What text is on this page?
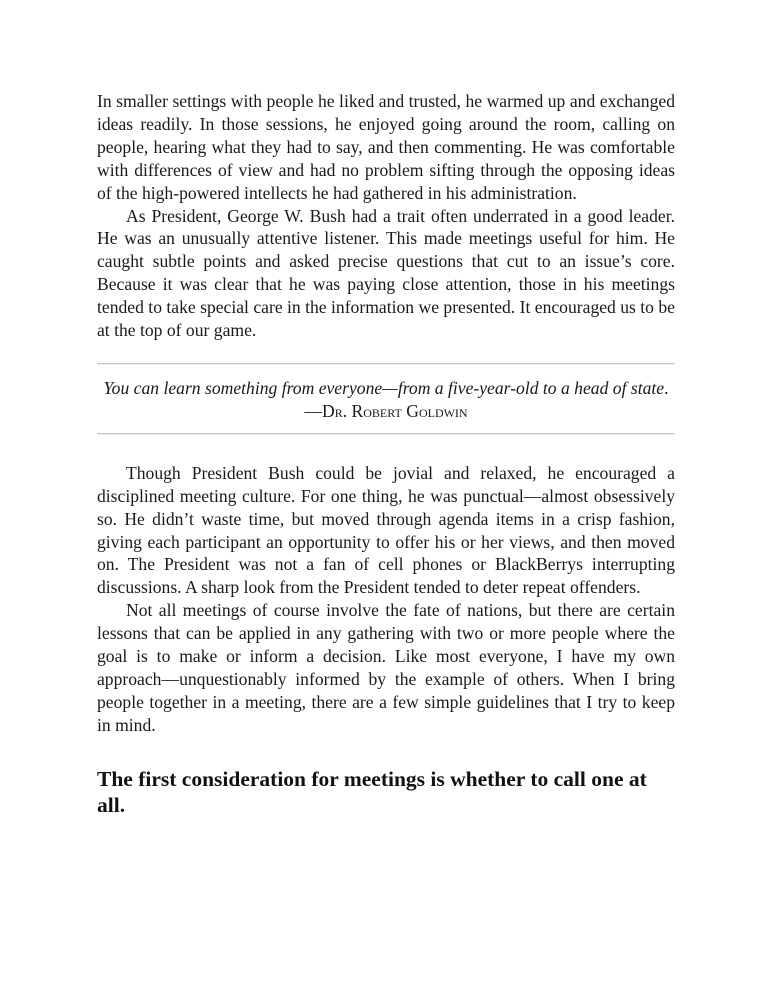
In smaller settings with people he liked and trusted, he warmed up and exchanged ideas readily. In those sessions, he enjoyed going around the room, calling on people, hearing what they had to say, and then commenting. He was comfortable with differences of view and had no problem sifting through the opposing ideas of the high-powered intellects he had gathered in his administration.

As President, George W. Bush had a trait often underrated in a good leader. He was an unusually attentive listener. This made meetings useful for him. He caught subtle points and asked precise questions that cut to an issue’s core. Because it was clear that he was paying close attention, those in his meetings tended to take special care in the information we presented. It encouraged us to be at the top of our game.

You can learn something from everyone—from a five-year-old to a head of state.

—Dr. Robert Goldwin

Though President Bush could be jovial and relaxed, he encouraged a disciplined meeting culture. For one thing, he was punctual—almost obsessively so. He didn’t waste time, but moved through agenda items in a crisp fashion, giving each participant an opportunity to offer his or her views, and then moved on. The President was not a fan of cell phones or BlackBerrys interrupting discussions. A sharp look from the President tended to deter repeat offenders.

Not all meetings of course involve the fate of nations, but there are certain lessons that can be applied in any gathering with two or more people where the goal is to make or inform a decision. Like most everyone, I have my own approach—unquestionably informed by the example of others. When I bring people together in a meeting, there are a few simple guidelines that I try to keep in mind.

The first consideration for meetings is whether to call one at all.
